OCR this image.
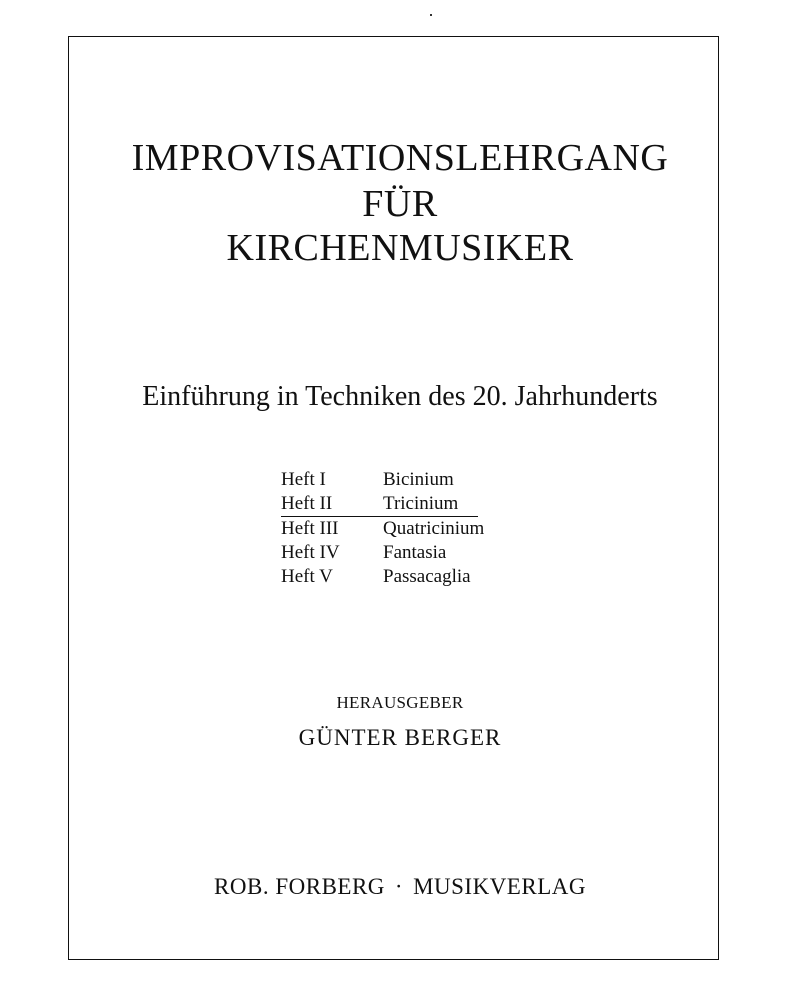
IMPROVISATIONSLEHRGANG
FÜR
KIRCHENMUSIKER
Einführung in Techniken des 20. Jahrhunderts
Heft I	Bicinium
Heft II	Tricinium
Heft III Quatricinium
Heft IV Fantasia
Heft V	Passacaglia
HERAUSGEBER
GÜNTER BERGER
ROB. FORBERG · MUSIKVERLAG
